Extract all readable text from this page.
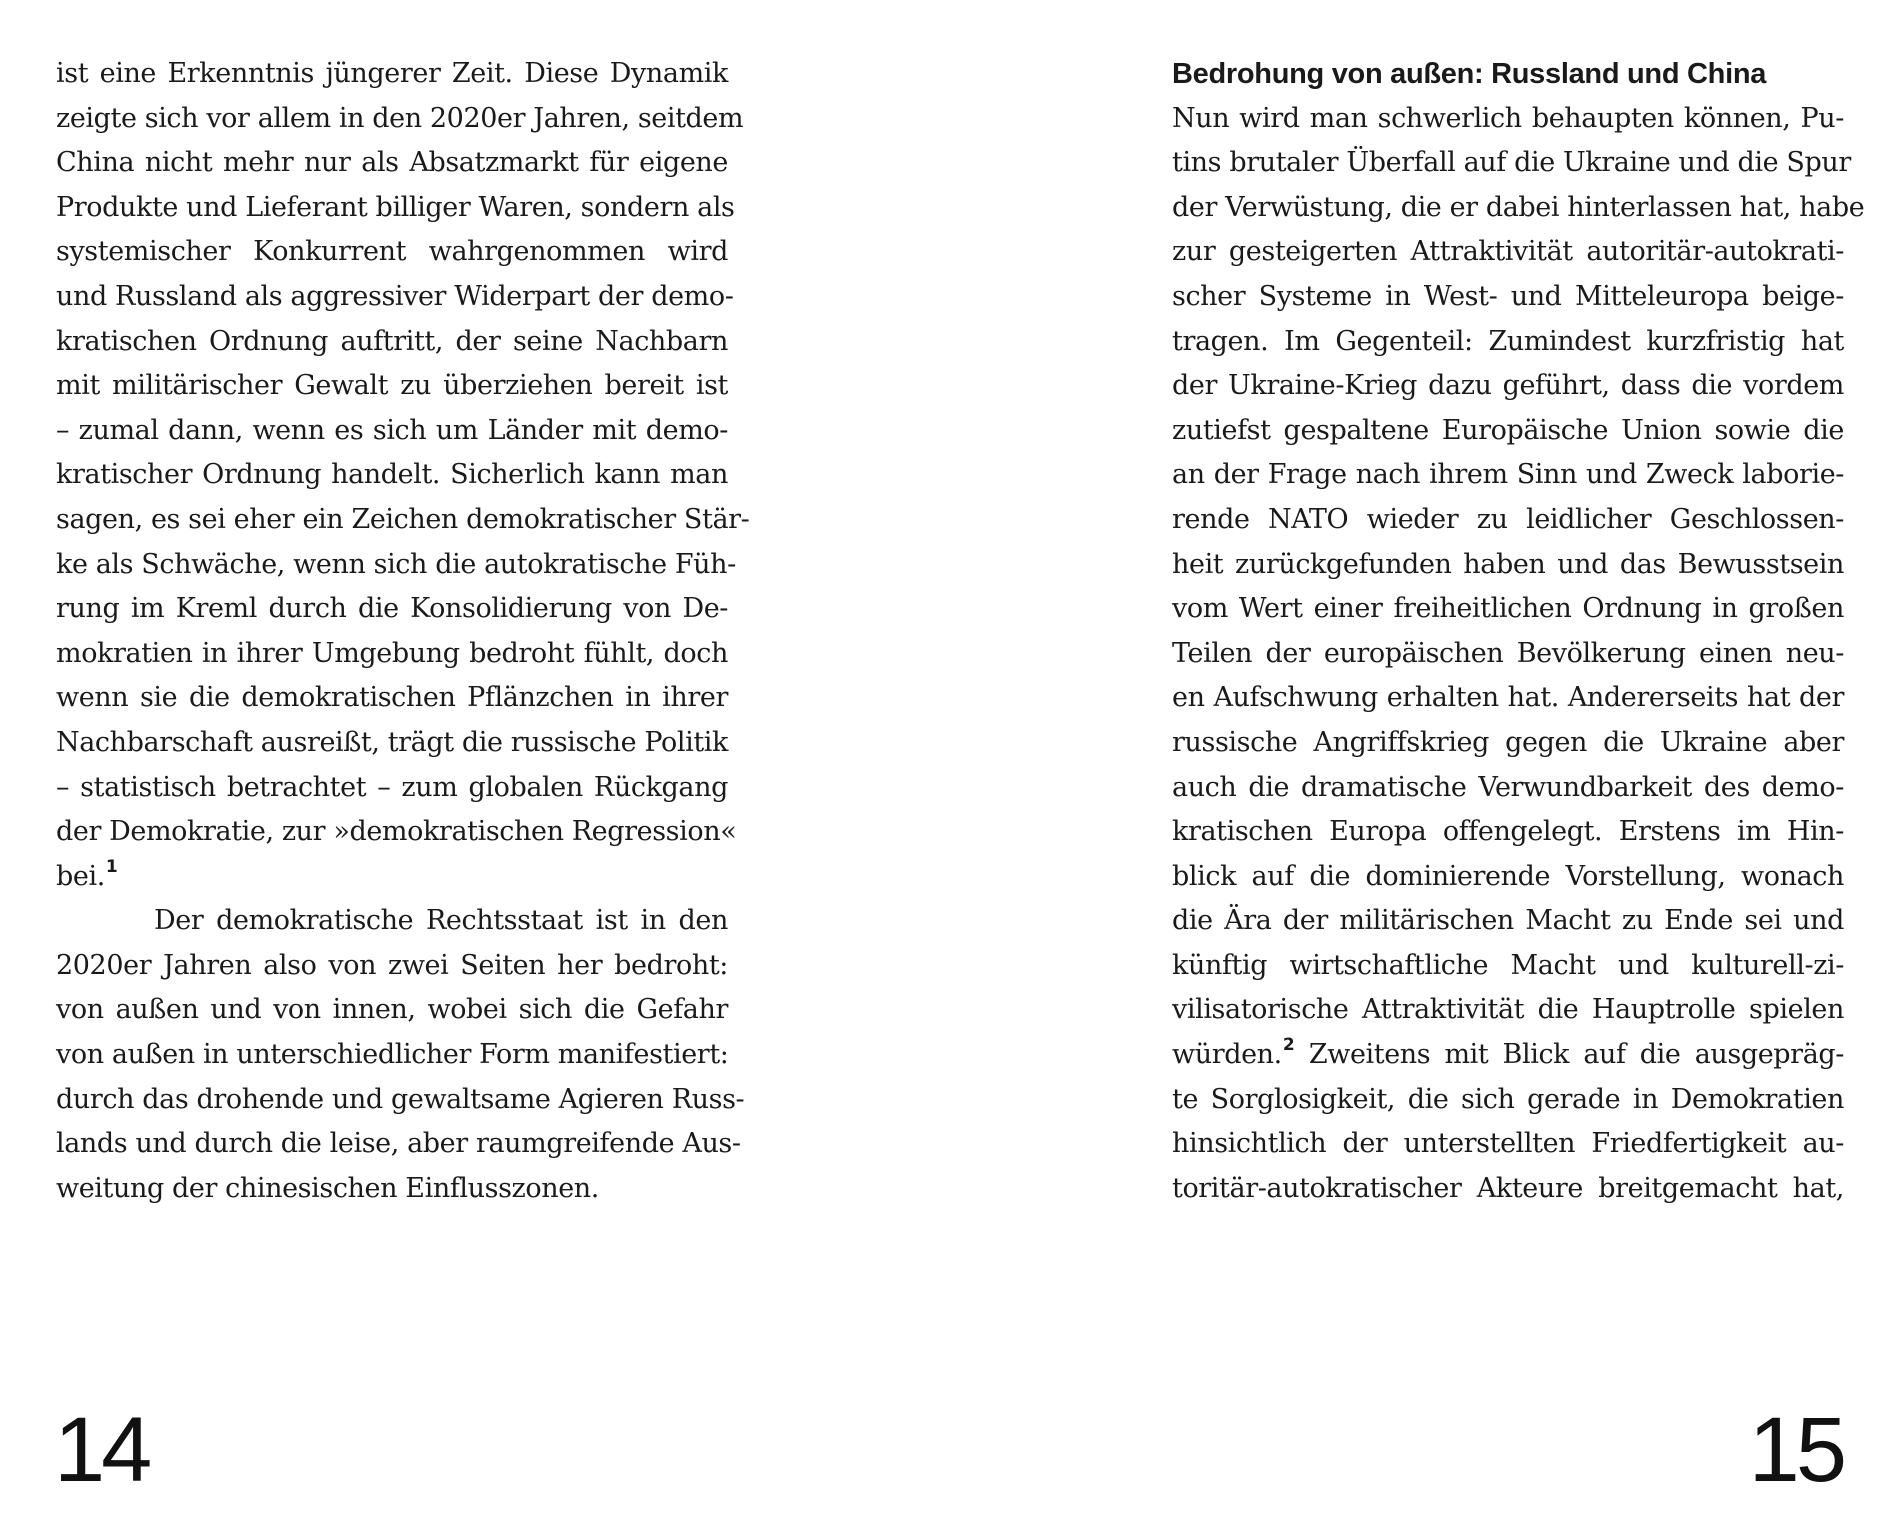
ist eine Erkenntnis jüngerer Zeit. Diese Dynamik
zeigte sich vor allem in den 2020er Jahren, seitdem
China nicht mehr nur als Absatzmarkt für eigene
Produkte und Lieferant billiger Waren, sondern als
systemischer Konkurrent wahrgenommen wird
und Russland als aggressiver Widerpart der demo-
kratischen Ordnung auftritt, der seine Nachbarn
mit militärischer Gewalt zu überziehen bereit ist
– zumal dann, wenn es sich um Länder mit demo-
kratischer Ordnung handelt. Sicherlich kann man
sagen, es sei eher ein Zeichen demokratischer Stär-
ke als Schwäche, wenn sich die autokratische Füh-
rung im Kreml durch die Konsolidierung von De-
mokratien in ihrer Umgebung bedroht fühlt, doch
wenn sie die demokratischen Pflänzchen in ihrer
Nachbarschaft ausreißt, trägt die russische Politik
– statistisch betrachtet – zum globalen Rückgang
der Demokratie, zur »demokratischen Regression«
bei.$^1$
Der demokratische Rechtsstaat ist in den
2020er Jahren also von zwei Seiten her bedroht:
von außen und von innen, wobei sich die Gefahr
von außen in unterschiedlicher Form manifestiert:
durch das drohende und gewaltsame Agieren Russ-
lands und durch die leise, aber raumgreifende Aus-
weitung der chinesischen Einflusszonen.
14
Bedrohung von außen: Russland und China
Nun wird man schwerlich behaupten können, Pu-
tins brutaler Überfall auf die Ukraine und die Spur
der Verwüstung, die er dabei hinterlassen hat, habe
zur gesteigerten Attraktivität autoritär-autokrati-
scher Systeme in West- und Mitteleuropa beige-
tragen. Im Gegenteil: Zumindest kurzfristig hat
der Ukraine-Krieg dazu geführt, dass die vordem
zutiefst gespaltene Europäische Union sowie die
an der Frage nach ihrem Sinn und Zweck laborie-
rende NATO wieder zu leidlicher Geschlossen-
heit zurückgefunden haben und das Bewusstsein
vom Wert einer freiheitlichen Ordnung in großen
Teilen der europäischen Bevölkerung einen neu-
en Aufschwung erhalten hat. Andererseits hat der
russische Angriffskrieg gegen die Ukraine aber
auch die dramatische Verwundbarkeit des demo-
kratischen Europa offengelegt. Erstens im Hin-
blick auf die dominierende Vorstellung, wonach
die Ära der militärischen Macht zu Ende sei und
künftig wirtschaftliche Macht und kulturell-zi-
vilisatorische Attraktivität die Hauptrolle spielen
würden.$^2$ Zweitens mit Blick auf die ausgepräg-
te Sorglosigkeit, die sich gerade in Demokratien
hinsichtlich der unterstellten Friedfertigkeit au-
toritär-autokratischer Akteure breitgemacht hat,
15
